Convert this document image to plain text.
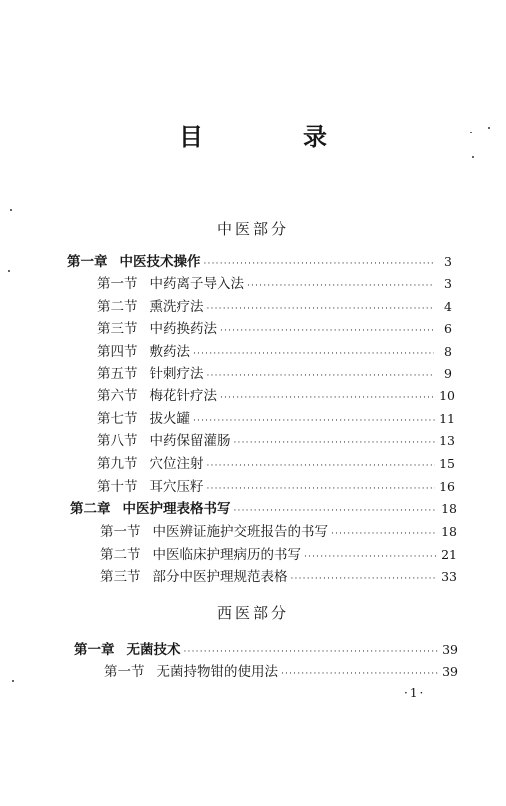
目　录
中医部分
西医部分
第一章 中医技术操作 ·····	3
第一节 中药离子导入法 ·····	3
第二节 熏洗疗法 ·····	4
第三节 中药换药法 ·····	6
第四节 敷药法 ·····	8
第五节 针刺疗法 ·····	9
第六节 梅花针疗法 ·····	10
第七节 拔火罐 ·····	11
第八节 中药保留灌肠 ·····	13
第九节 穴位注射 ·····	15
第十节 耳穴压籽 ·····	16
第二章 中医护理表格书写 ·····	18
第一节 中医辨证施护交班报告的书写 ·····	18
第二节 中医临床护理病历的书写 ·····	21
第三节 部分中医护理规范表格 ·····	33
第一章 无菌技术 ·····	39
第一节 无菌持物钳的使用法 ·····	39
·1·
